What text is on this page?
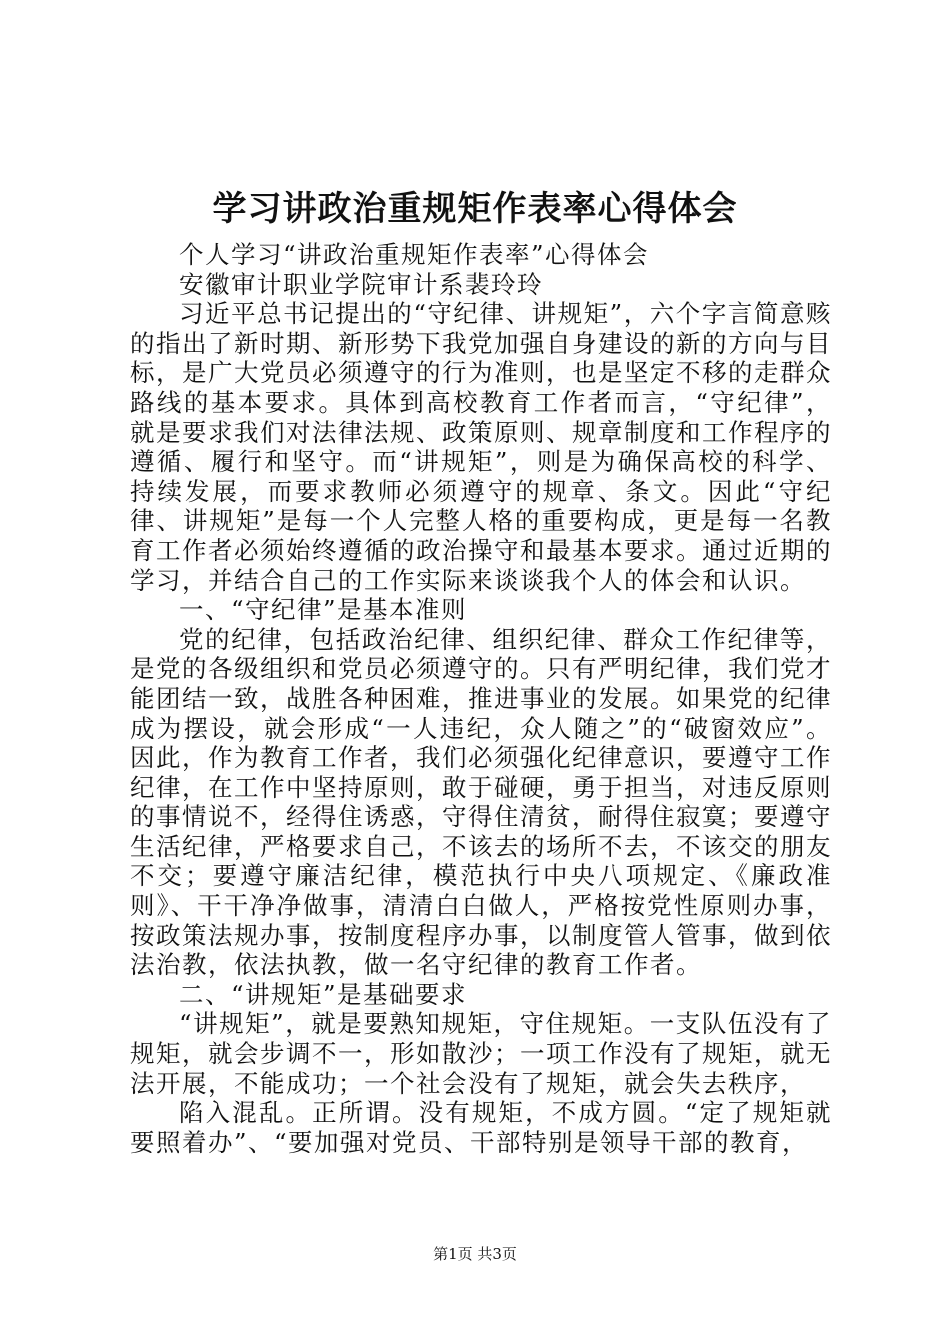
学习讲政治重规矩作表率心得体会

个人学习“讲政治重规矩作表率”心得体会

安徽审计职业学院审计系裴玲玲

习近平总书记提出的“守纪律、讲规矩”，六个字言简意赅的指出了新时期、新形势下我党加强自身建设的新的方向与目标，是广大党员必须遵守的行为准则，也是坚定不移的走群众路线的基本要求。具体到高校教育工作者而言，“守纪律”，就是要求我们对法律法规、政策原则、规章制度和工作程序的遵循、履行和坚守。而“讲规矩”，则是为确保高校的科学、持续发展，而要求教师必须遵守的规章、条文。因此“守纪律、讲规矩”是每一个人完整人格的重要构成，更是每一名教育工作者必须始终遵循的政治操守和最基本要求。通过近期的学习，并结合自己的工作实际来谈谈我个人的体会和认识。

一、“守纪律”是基本准则

党的纪律，包括政治纪律、组织纪律、群众工作纪律等，是党的各级组织和党员必须遵守的。只有严明纪律，我们党才能团结一致，战胜各种困难，推进事业的发展。如果党的纪律成为摆设，就会形成“一人违纪，众人随之”的“破窗效应”。因此，作为教育工作者，我们必须强化纪律意识，要遵守工作纪律，在工作中坚持原则，敢于碰硬，勇于担当，对违反原则的事情说不，经得住诱惑，守得住清贫，耐得住寂寞；要遵守生活纪律，严格要求自己，不该去的场所不去，不该交的朋友不交；要遵守廉洁纪律，模范执行中央八项规定、《廉政准则》、干干净净做事，清清白白做人，严格按党性原则办事，按政策法规办事，按制度程序办事，以制度管人管事，做到依法治教，依法执教，做一名守纪律的教育工作者。

二、“讲规矩”是基础要求

“讲规矩”，就是要熟知规矩，守住规矩。一支队伍没有了规矩，就会步调不一，形如散沙；一项工作没有了规矩，就无法开展，不能成功；一个社会没有了规矩，就会失去秩序，

陷入混乱。正所谓。没有规矩，不成方圆。“定了规矩就要照着办”、“要加强对党员、干部特别是领导干部的教育，

第1页 共3页
